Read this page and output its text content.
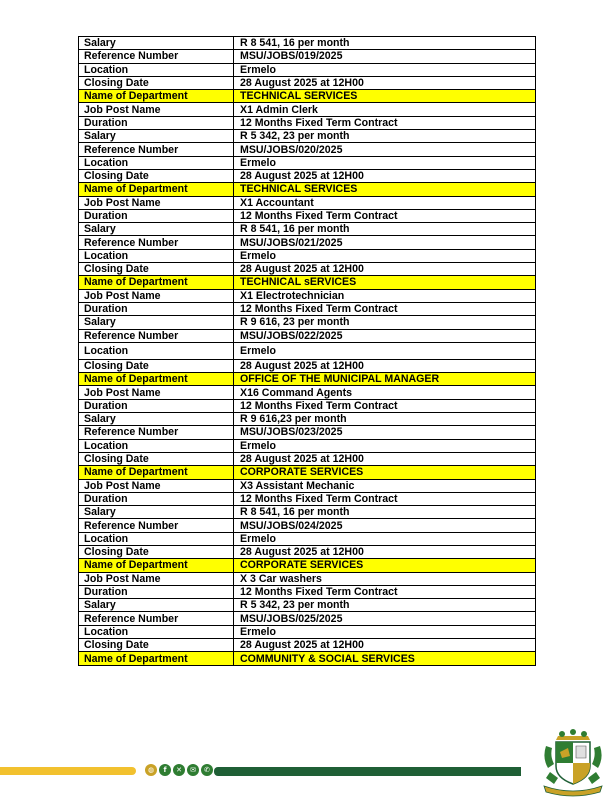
Salary	R 8 541, 16 per month
Reference Number	MSU/JOBS/019/2025
Location	Ermelo
Closing Date	28 August 2025 at 12H00
Name of Department	TECHNICAL SERVICES
Job Post Name	X1 Admin Clerk
Duration	12 Months Fixed Term Contract
Salary	R 5 342, 23 per month
Reference Number	MSU/JOBS/020/2025
Location	Ermelo
Closing Date	28 August 2025 at 12H00
Name of Department	TECHNICAL SERVICES
Job Post Name	X1 Accountant
Duration	12 Months Fixed Term Contract
Salary	R 8 541, 16 per month
Reference Number	MSU/JOBS/021/2025
Location	Ermelo
Closing Date	28 August 2025 at 12H00
Name of Department	TECHNICAL sERVICES
Job Post Name	X1 Electrotechnician
Duration	12 Months Fixed Term Contract
Salary	R 9 616, 23 per month
Reference Number	MSU/JOBS/022/2025
Location	Ermelo
Closing Date	28 August 2025 at 12H00
Name of Department	OFFICE OF THE MUNICIPAL MANAGER
Job Post Name	X16 Command Agents
Duration	12 Months Fixed Term Contract
Salary	R 9 616,23 per month
Reference Number	MSU/JOBS/023/2025
Location	Ermelo
Closing Date	28 August 2025 at 12H00
Name of Department	CORPORATE SERVICES
Job Post Name	X3 Assistant Mechanic
Duration	12 Months Fixed Term Contract
Salary	R 8 541, 16 per month
Reference Number	MSU/JOBS/024/2025
Location	Ermelo
Closing Date	28 August 2025 at 12H00
Name of Department	CORPORATE SERVICES
Job Post Name	X 3 Car washers
Duration	12 Months Fixed Term Contract
Salary	R 5 342, 23 per month
Reference Number	MSU/JOBS/025/2025
Location	Ermelo
Closing Date	28 August 2025 at 12H00
Name of Department	COMMUNITY & SOCIAL SERVICES
◍	f	✕	✉	✆
